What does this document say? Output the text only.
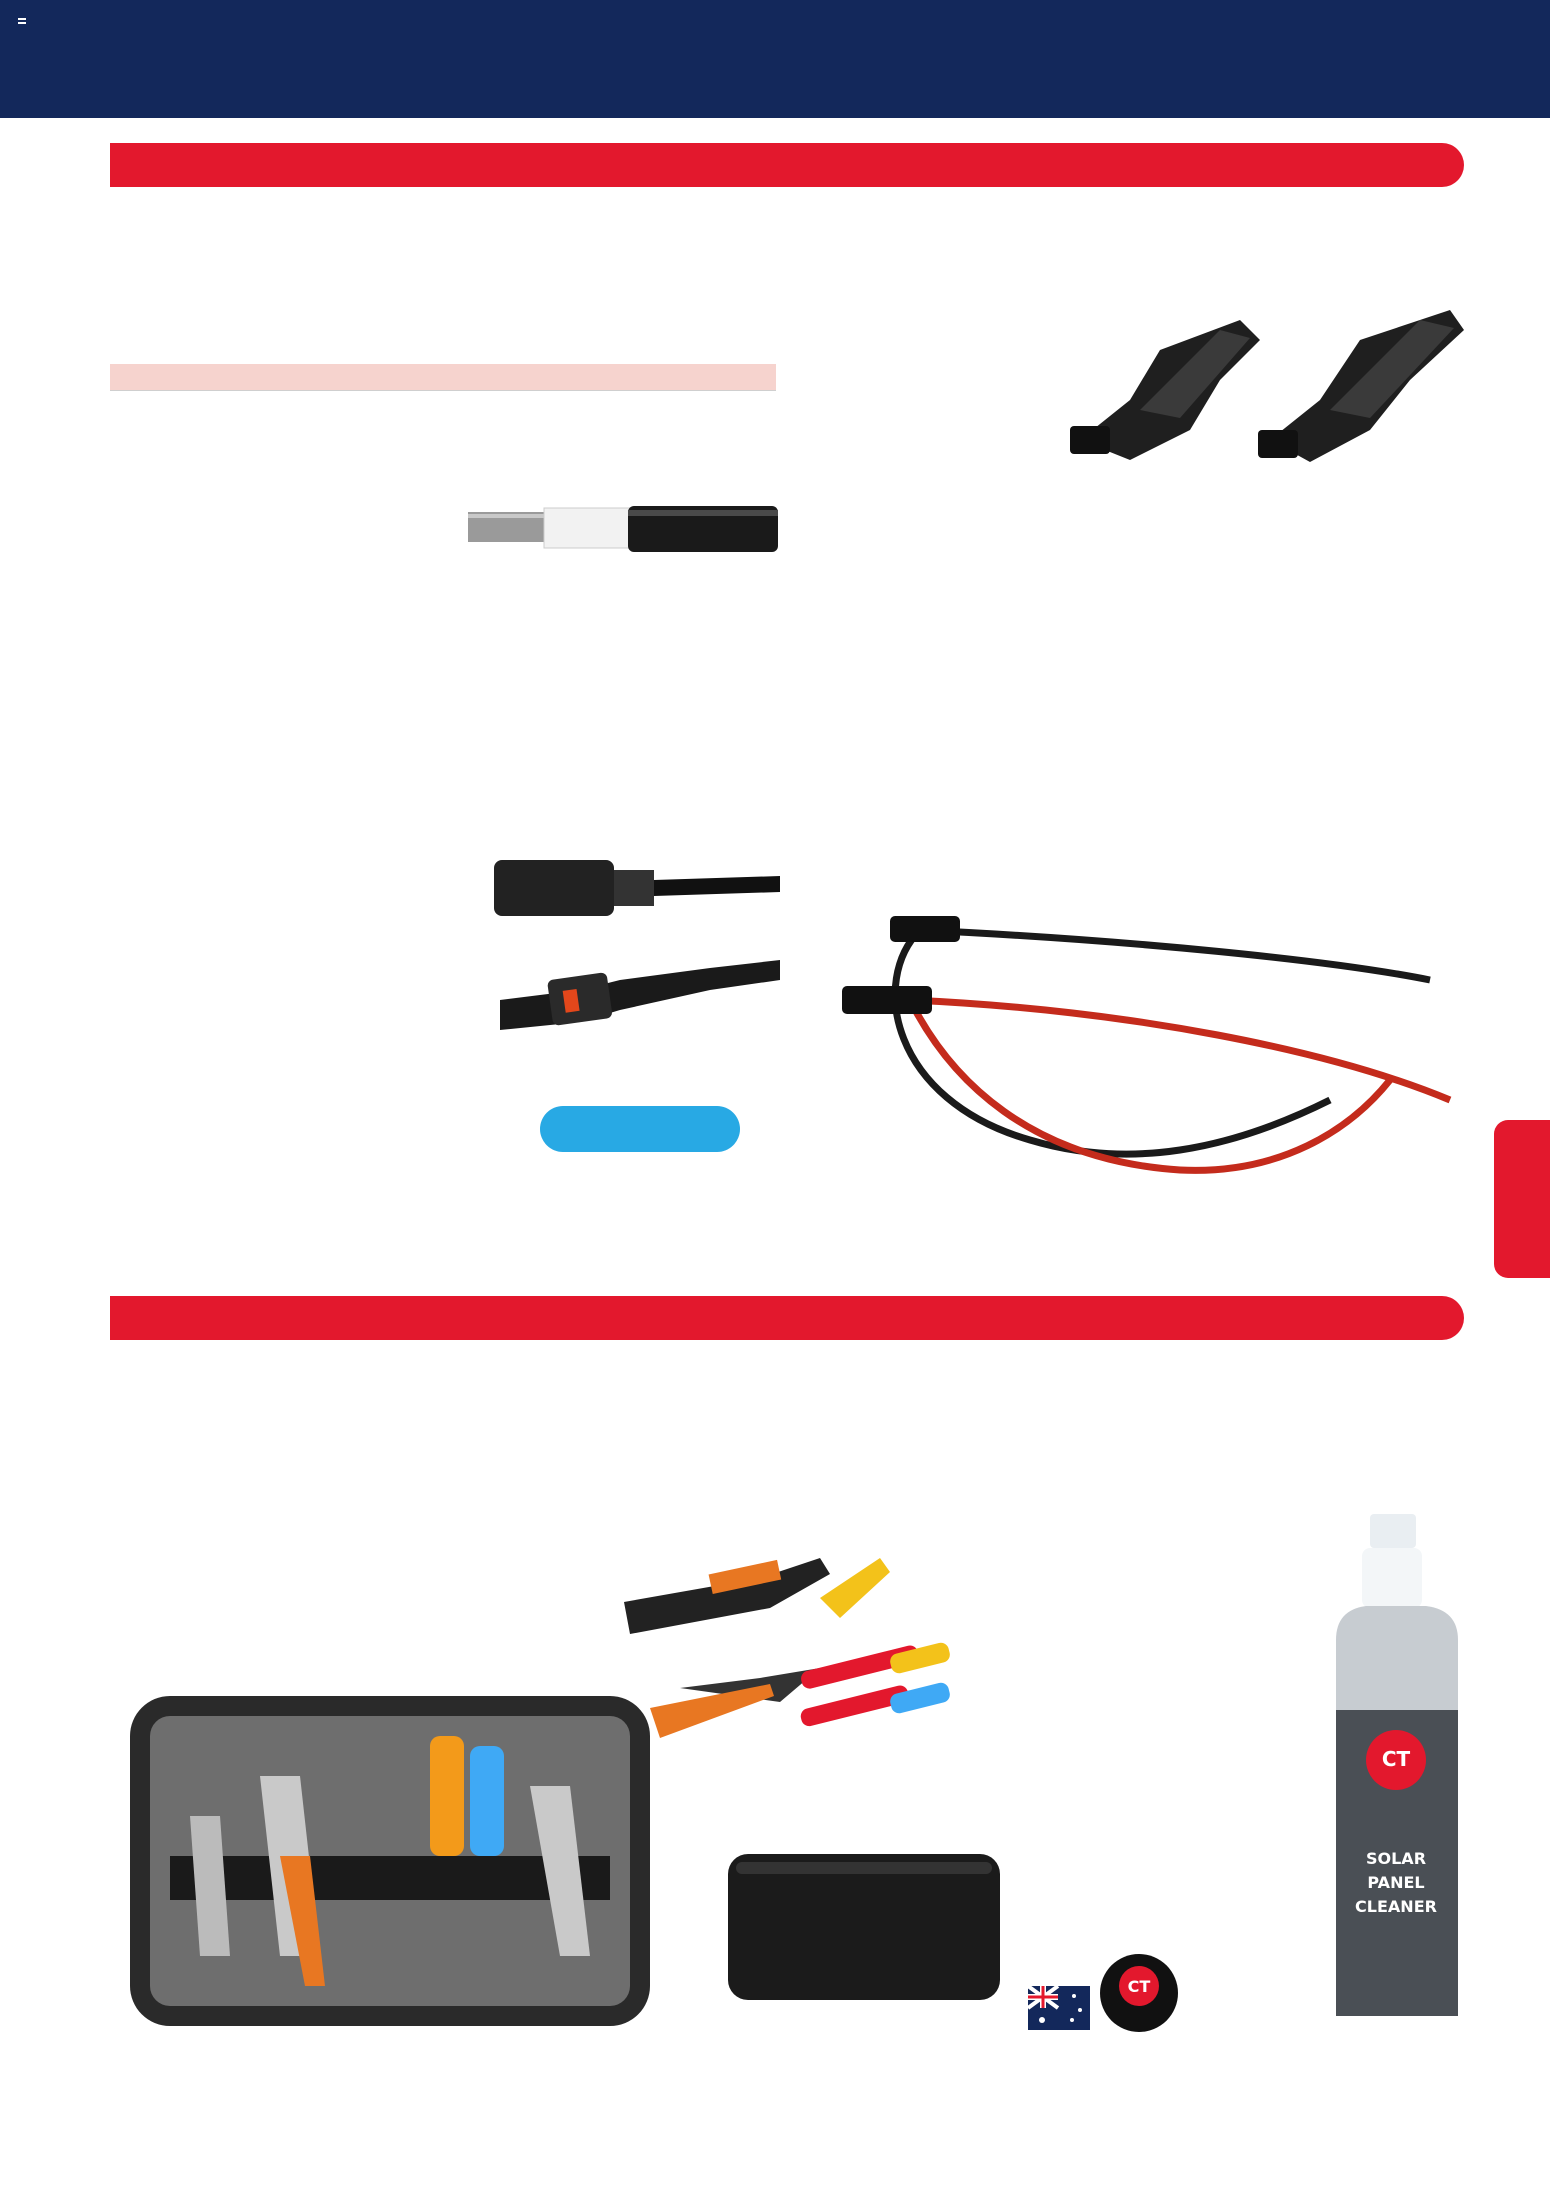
CT
SOLAR
PANEL
CLEANER
CT
